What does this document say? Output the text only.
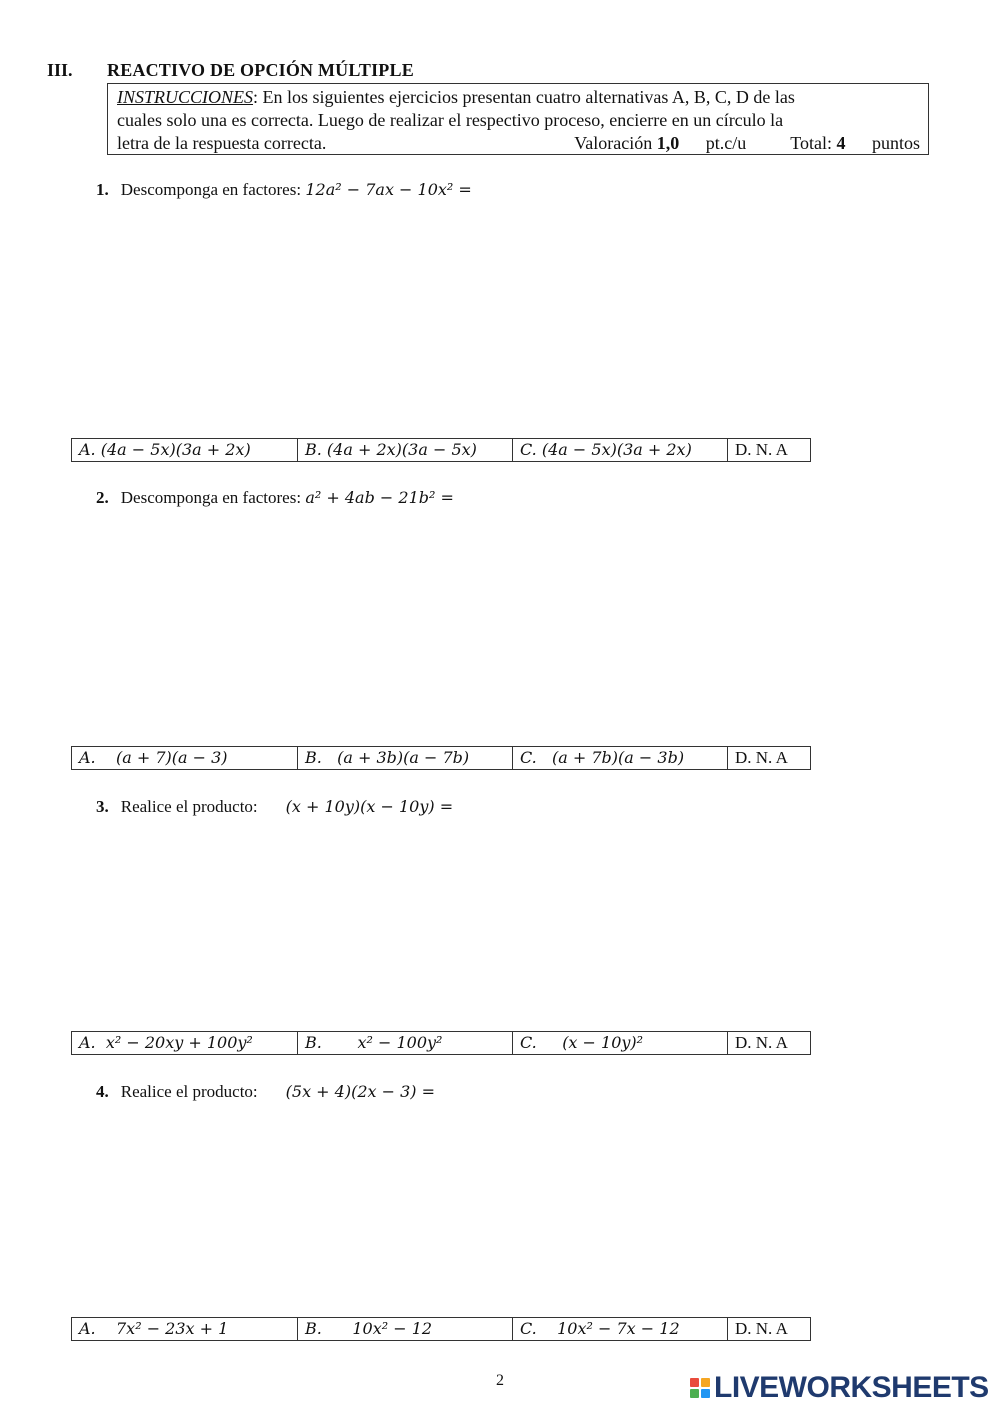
III. REACTIVO DE OPCIÓN MÚLTIPLE
INSTRUCCIONES: En los siguientes ejercicios presentan cuatro alternativas A, B, C, D de las
cuales solo una es correcta. Luego de realizar el respectivo proceso, encierre en un círculo la
letra de la respuesta correcta.	Valoración 1,0 pt.c/u Total: 4 puntos
1. Descomponga en factores: 12a² − 7ax − 10x² =
A. (4a − 5x)(3a + 2x)	B. (4a + 2x)(3a − 5x)	C. (4a − 5x)(3a + 2x)	D. N. A
2. Descomponga en factores: a² + 4ab − 21b² =
A.    (a + 7)(a − 3)	B.   (a + 3b)(a − 7b)	C.   (a + 7b)(a − 3b)	D. N. A
3. Realice el producto: (x + 10y)(x − 10y) =
A.  x² − 20xy + 100y²	B.       x² − 100y²	C.     (x − 10y)²	D. N. A
4. Realice el producto: (5x + 4)(2x − 3) =
A.    7x² − 23x + 1	B.      10x² − 12	C.    10x² − 7x − 12	D. N. A
2	LIVEWORKSHEETS
